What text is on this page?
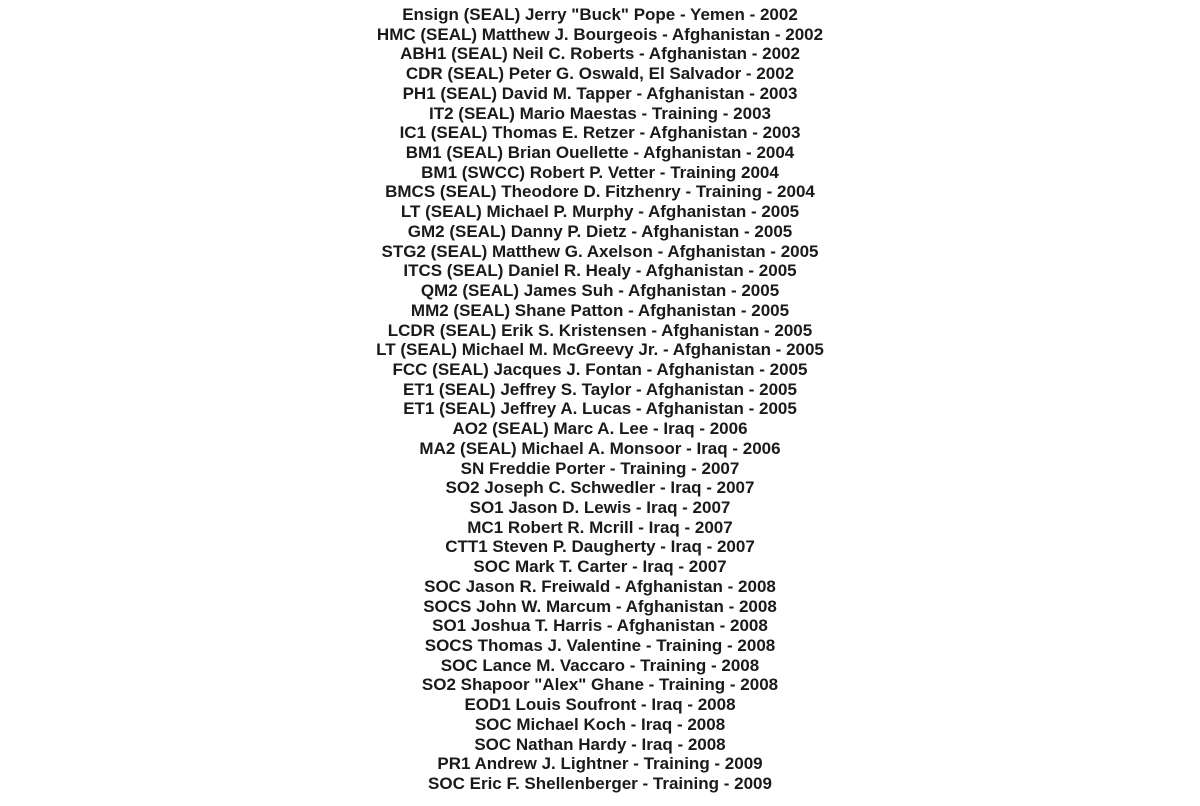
Ensign (SEAL) Jerry "Buck" Pope - Yemen - 2002
HMC (SEAL) Matthew J. Bourgeois - Afghanistan - 2002
ABH1 (SEAL) Neil C. Roberts - Afghanistan - 2002
CDR (SEAL) Peter G. Oswald, El Salvador - 2002
PH1 (SEAL) David M. Tapper - Afghanistan - 2003
IT2 (SEAL) Mario Maestas - Training - 2003
IC1 (SEAL) Thomas E. Retzer - Afghanistan - 2003
BM1 (SEAL) Brian Ouellette - Afghanistan - 2004
BM1 (SWCC) Robert P. Vetter - Training 2004
BMCS (SEAL) Theodore D. Fitzhenry - Training - 2004
LT (SEAL) Michael P. Murphy - Afghanistan - 2005
GM2 (SEAL) Danny P. Dietz - Afghanistan - 2005
STG2 (SEAL) Matthew G. Axelson - Afghanistan - 2005
ITCS (SEAL) Daniel R. Healy - Afghanistan - 2005
QM2 (SEAL) James Suh - Afghanistan - 2005
MM2 (SEAL) Shane Patton - Afghanistan - 2005
LCDR (SEAL) Erik S. Kristensen - Afghanistan - 2005
LT (SEAL) Michael M. McGreevy Jr. - Afghanistan - 2005
FCC (SEAL) Jacques J. Fontan - Afghanistan - 2005
ET1 (SEAL) Jeffrey S. Taylor - Afghanistan - 2005
ET1 (SEAL) Jeffrey A. Lucas - Afghanistan - 2005
AO2 (SEAL) Marc A. Lee - Iraq - 2006
MA2 (SEAL) Michael A. Monsoor - Iraq - 2006
SN Freddie Porter - Training - 2007
SO2 Joseph C. Schwedler - Iraq - 2007
SO1 Jason D. Lewis - Iraq - 2007
MC1 Robert R. Mcrill - Iraq - 2007
CTT1 Steven P. Daugherty - Iraq - 2007
SOC Mark T. Carter - Iraq - 2007
SOC Jason R. Freiwald - Afghanistan - 2008
SOCS John W. Marcum - Afghanistan - 2008
SO1 Joshua T. Harris - Afghanistan - 2008
SOCS Thomas J. Valentine - Training - 2008
SOC Lance M. Vaccaro - Training - 2008
SO2 Shapoor "Alex" Ghane - Training - 2008
EOD1 Louis Soufront - Iraq - 2008
SOC Michael Koch - Iraq - 2008
SOC Nathan Hardy - Iraq - 2008
PR1 Andrew J. Lightner - Training - 2009
SOC Eric F. Shellenberger - Training - 2009
